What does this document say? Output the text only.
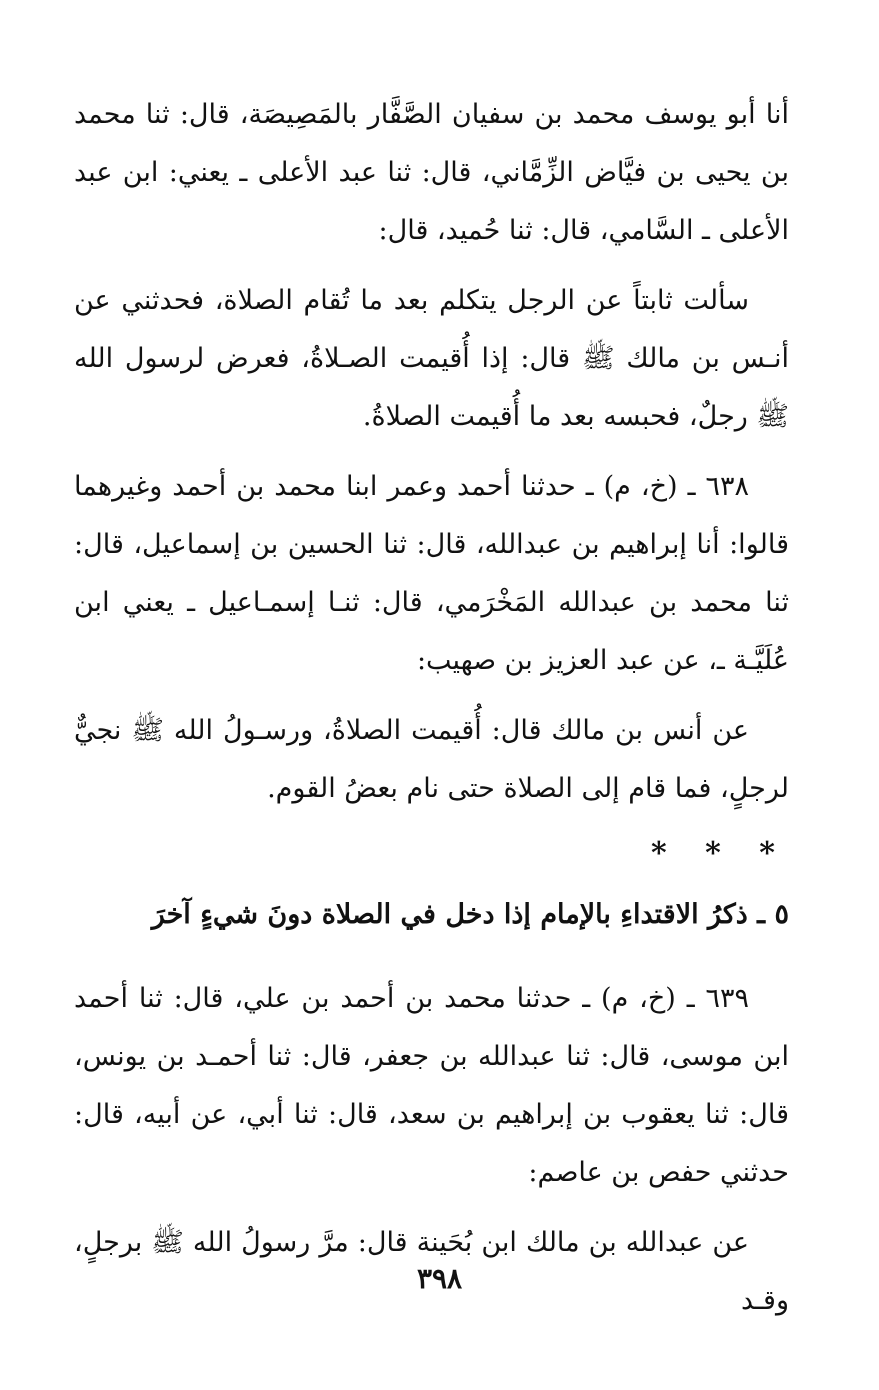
أنا أبو يوسف محمد بن سفيان الصَّفَّار بالمَصِيصَة، قال: ثنا محمد بن يحيى بن فيَّاض الزِّمَّاني، قال: ثنا عبد الأعلى ـ يعني: ابن عبد الأعلى ـ السَّامي، قال: ثنا حُميد، قال:

سألت ثابتاً عن الرجل يتكلم بعد ما تُقام الصلاة، فحدثني عن أنـس بن مالك ﷺ قال: إذا أُقيمت الصـلاةُ، فعرض لرسول الله ﷺ رجلٌ، فحبسه بعد ما أُقيمت الصلاةُ.

٦٣٨ ـ (خ، م) ـ حدثنا أحمد وعمر ابنا محمد بن أحمد وغيرهما قالوا: أنا إبراهيم بن عبدالله، قال: ثنا الحسين بن إسماعيل، قال: ثنا محمد بن عبدالله المَخْرَمي، قال: ثنـا إسمـاعيل ـ يعني ابن عُلَيَّـة ـ، عن عبد العزيز بن صهيب:

عن أنس بن مالك قال: أُقيمت الصلاةُ، ورسـولُ الله ﷺ نجيٌّ لرجلٍ، فما قام إلى الصلاة حتى نام بعضُ القوم.

* * *
٥ ـ ذكرُ الاقتداءِ بالإمام إذا دخل في الصلاة دونَ شيءٍ آخرَ

٦٣٩ ـ (خ، م) ـ حدثنا محمد بن أحمد بن علي، قال: ثنا أحمد ابن موسى، قال: ثنا عبدالله بن جعفر، قال: ثنا أحمـد بن يونس، قال: ثنا يعقوب بن إبراهيم بن سعد، قال: ثنا أبي، عن أبيه، قال: حدثني حفص بن عاصم:

عن عبدالله بن مالك ابن بُحَينة قال: مرَّ رسولُ الله ﷺ برجلٍ، وقـد

٣٩٨
